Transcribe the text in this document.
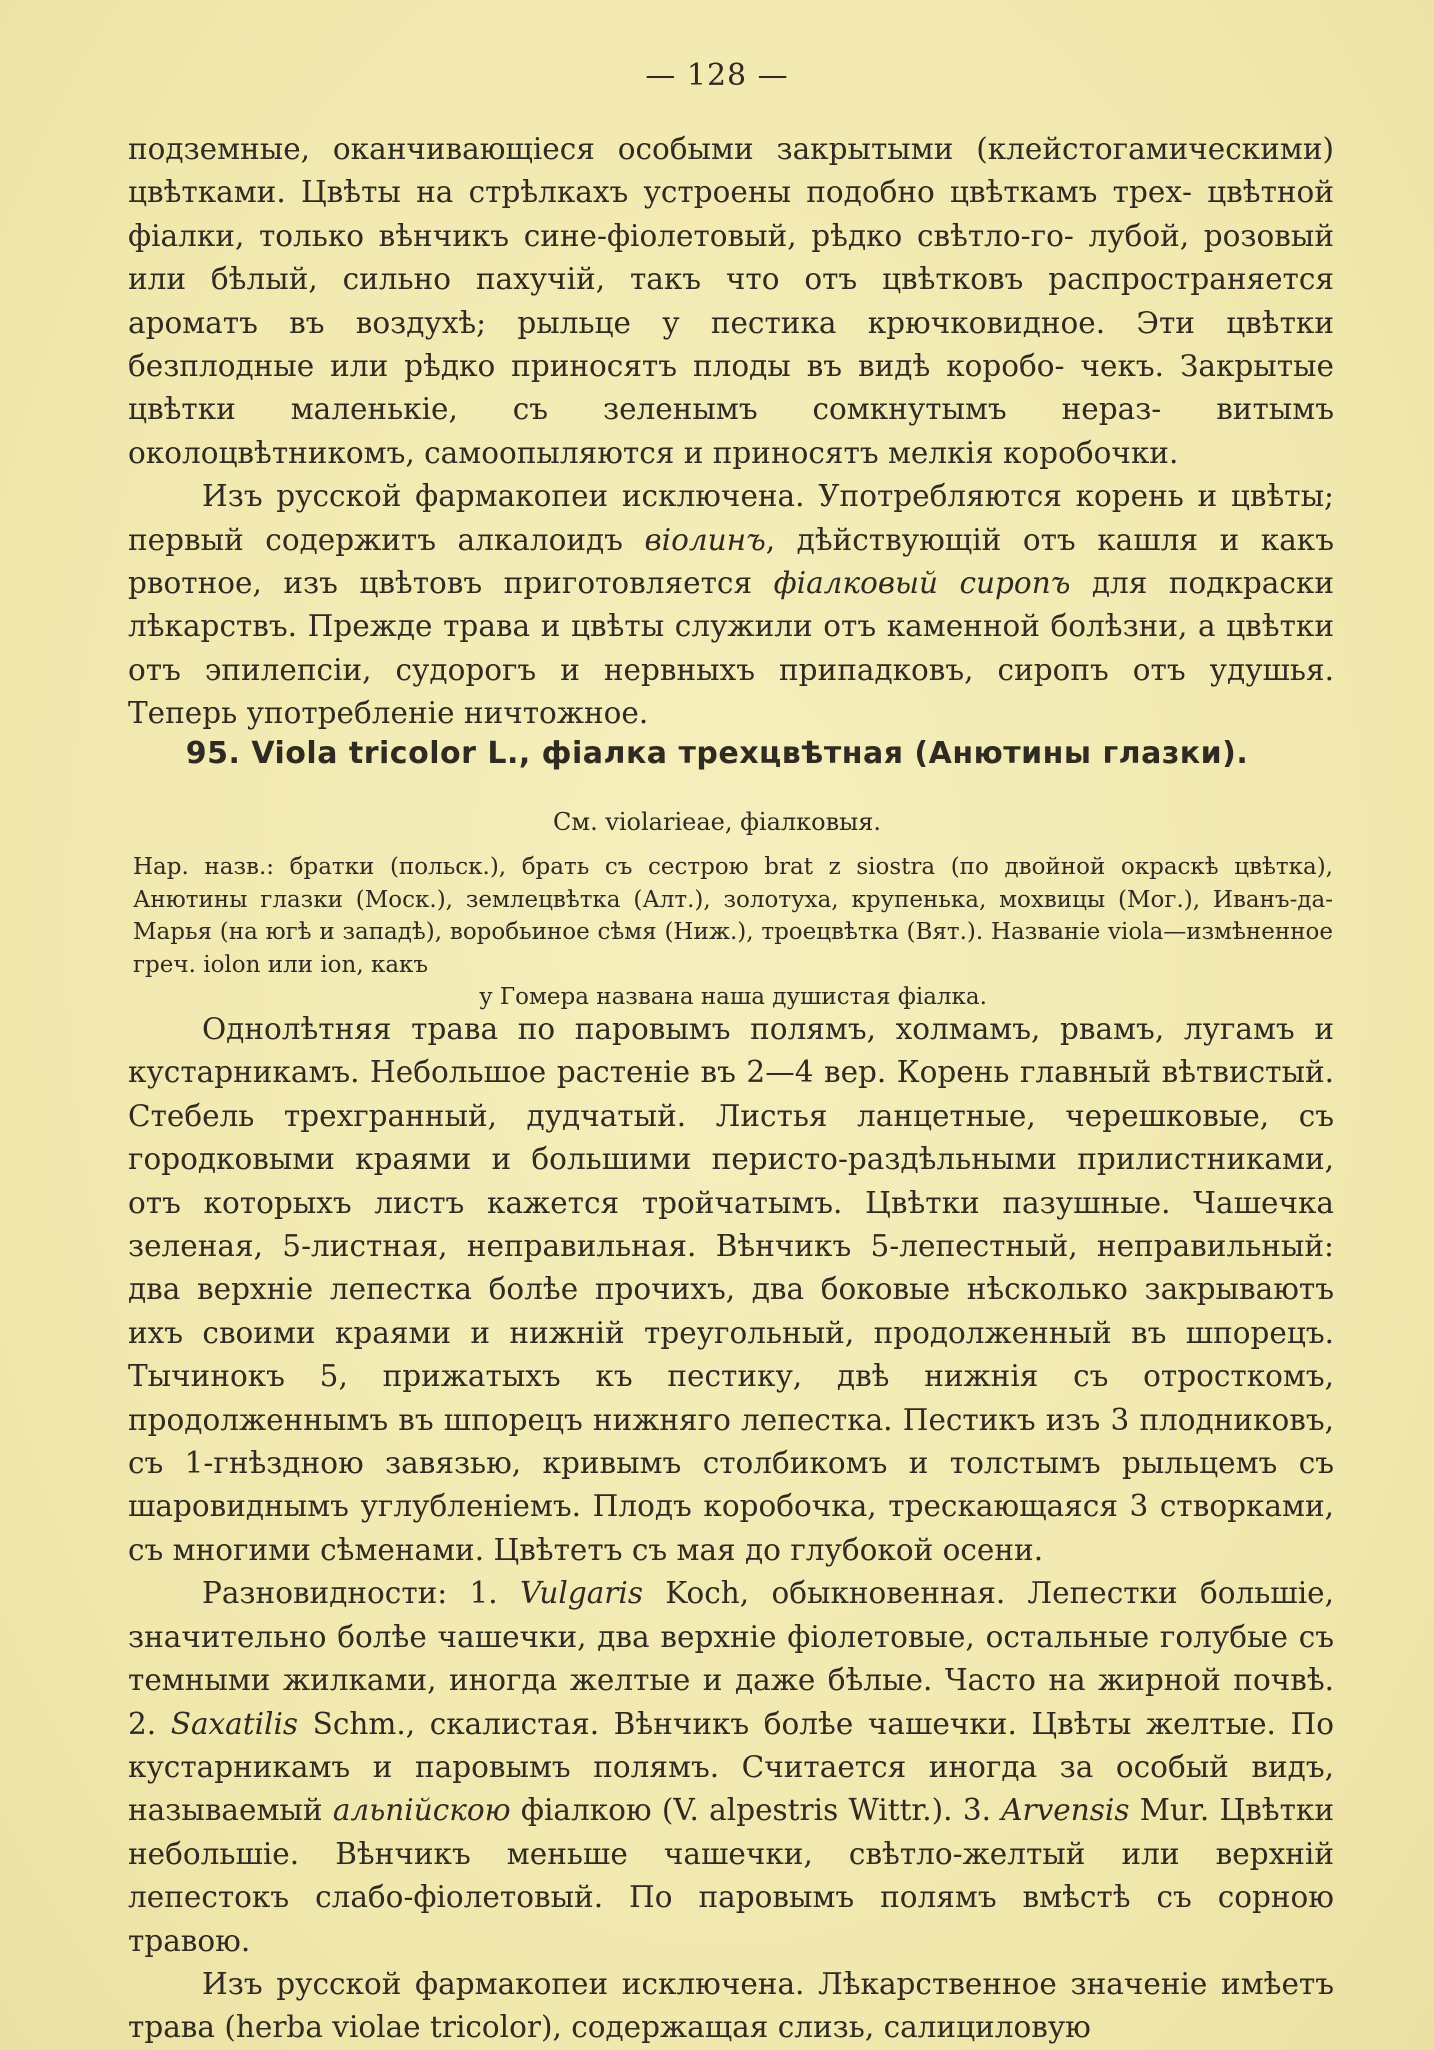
— 128 —

подземные, оканчивающіеся особыми закрытыми (клейстогамическими) цвѣтками. Цвѣты на стрѣлкахъ устроены подобно цвѣткамъ трех- цвѣтной фіалки, только вѣнчикъ сине-фіолетовый, рѣдко свѣтло-го- лубой, розовый или бѣлый, сильно пахучій, такъ что отъ цвѣтковъ распространяется ароматъ въ воздухѣ; рыльце у пестика крючковидное. Эти цвѣтки безплодные или рѣдко приносятъ плоды въ видѣ коробо- чекъ. Закрытые цвѣтки маленькіе, съ зеленымъ сомкнутымъ нераз- витымъ околоцвѣтникомъ, самоопыляются и приносятъ мелкія коробочки.

Изъ русской фармакопеи исключена. Употребляются корень и цвѣты; первый содержитъ алкалоидъ віолинъ, дѣйствующій отъ кашля и какъ рвотное, изъ цвѣтовъ приготовляется фіалковый сиропъ для подкраски лѣкарствъ. Прежде трава и цвѣты служили отъ каменной болѣзни, а цвѣтки отъ эпилепсіи, судорогъ и нервныхъ припадковъ, сиропъ отъ удушья. Теперь употребленіе ничтожное.

95. Viola tricolor L., фіалка трехцвѣтная (Анютины глазки).
См. violarieae, фіалковыя.
Нар. назв.: братки (польск.), брать съ сестрою brat z siostra (по двойной окраскѣ цвѣтка), Анютины глазки (Моск.), землецвѣтка (Алт.), золотуха, крупенька, мохвицы (Мог.), Иванъ-да-Марья (на югѣ и западѣ), воробьиное сѣмя (Ниж.), троецвѣтка (Вят.). Названіе viola—измѣненное греч. iolon или ion, какъ
у Гомера названа наша душистая фіалка.

Однолѣтняя трава по паровымъ полямъ, холмамъ, рвамъ, лугамъ и кустарникамъ. Небольшое растеніе въ 2—4 вер. Корень главный вѣтвистый. Стебель трехгранный, дудчатый. Листья ланцетные, черешковые, съ городковыми краями и большими перисто-раздѣльными прилистниками, отъ которыхъ листъ кажется тройчатымъ. Цвѣтки пазушные. Чашечка зеленая, 5-листная, неправильная. Вѣнчикъ 5-лепестный, неправильный: два верхніе лепестка болѣе прочихъ, два боковые нѣсколько закрываютъ ихъ своими краями и нижній треугольный, продолженный въ шпорецъ. Тычинокъ 5, прижатыхъ къ пестику, двѣ нижнія съ отросткомъ, продолженнымъ въ шпорецъ нижняго лепестка. Пестикъ изъ 3 плодниковъ, съ 1-гнѣздною завязью, кривымъ столбикомъ и толстымъ рыльцемъ съ шаровиднымъ углубленіемъ. Плодъ коробочка, трескающаяся 3 створками, съ многими сѣменами. Цвѣтетъ съ мая до глубокой осени.

Разновидности: 1. Vulgaris Koch, обыкновенная. Лепестки большіе, значительно болѣе чашечки, два верхніе фіолетовые, остальные голубые съ темными жилками, иногда желтые и даже бѣлые. Часто на жирной почвѣ. 2. Saxatilis Schm., скалистая. Вѣнчикъ болѣе чашечки. Цвѣты желтые. По кустарникамъ и паровымъ полямъ. Считается иногда за особый видъ, называемый альпійскою фіалкою (V. alpestris Wittr.). 3. Arvensis Mur. Цвѣтки небольшіе. Вѣнчикъ меньше чашечки, свѣтло-желтый или верхній лепестокъ слабо-фіолетовый. По паровымъ полямъ вмѣстѣ съ сорною травою.

Изъ русской фармакопеи исключена. Лѣкарственное значеніе имѣетъ трава (herba violae tricolor), содержащая слизь, салициловую
